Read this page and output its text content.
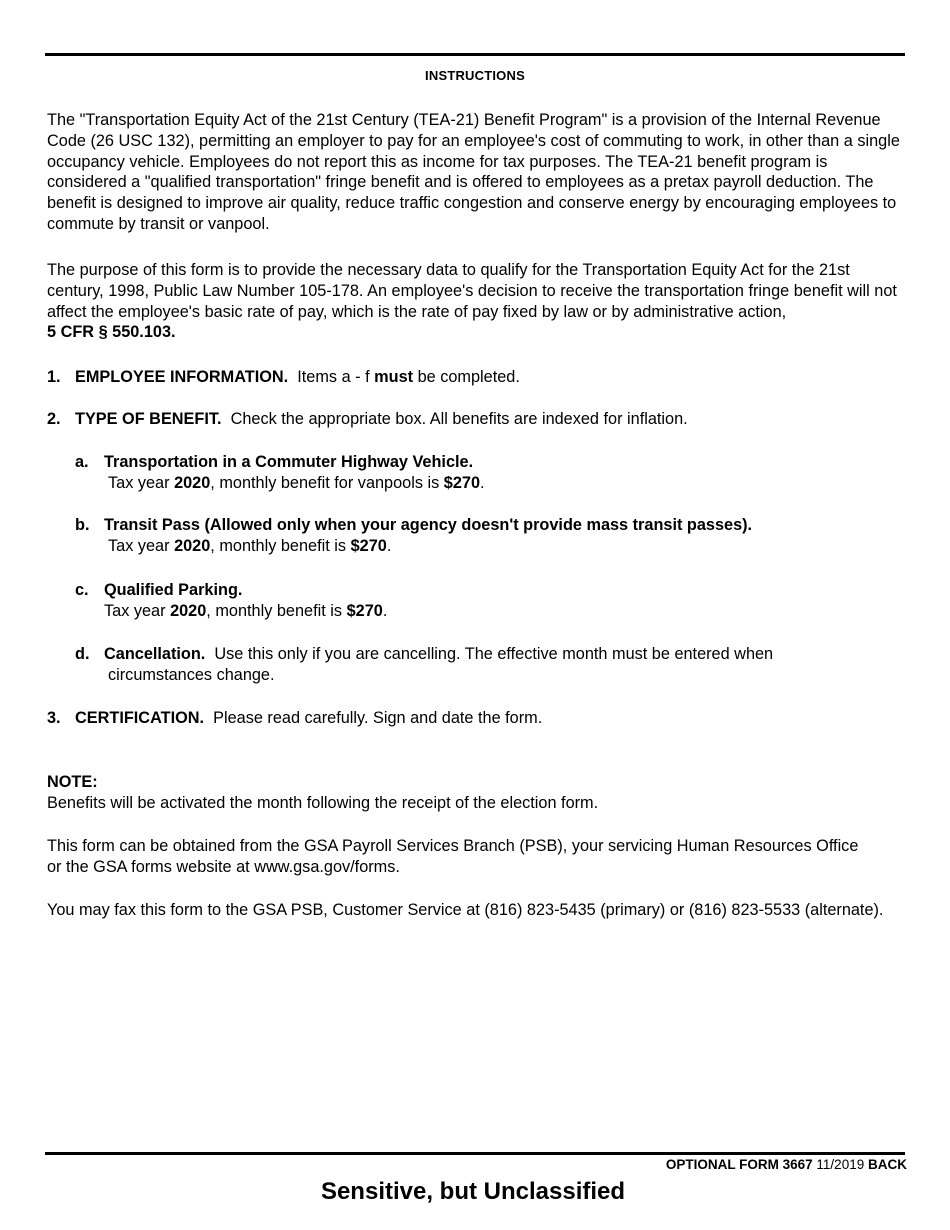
INSTRUCTIONS
The "Transportation Equity Act of the 21st Century (TEA-21) Benefit Program" is a provision of the Internal Revenue Code (26 USC 132), permitting an employer to pay for an employee's cost of commuting to work, in other than a single occupancy vehicle. Employees do not report this as income for tax purposes. The TEA-21 benefit program is considered a "qualified transportation" fringe benefit and is offered to employees as a pretax payroll deduction. The benefit is designed to improve air quality, reduce traffic congestion and conserve energy by encouraging employees to commute by transit or vanpool.
The purpose of this form is to provide the necessary data to qualify for the Transportation Equity Act for the 21st century, 1998, Public Law Number 105-178. An employee's decision to receive the transportation fringe benefit will not affect the employee's basic rate of pay, which is the rate of pay fixed by law or by administrative action,
5 CFR § 550.103.
1. EMPLOYEE INFORMATION. Items a - f must be completed.
2. TYPE OF BENEFIT. Check the appropriate box. All benefits are indexed for inflation.
a. Transportation in a Commuter Highway Vehicle.
Tax year 2020, monthly benefit for vanpools is $270.
b. Transit Pass (Allowed only when your agency doesn't provide mass transit passes).
Tax year 2020, monthly benefit is $270.
c. Qualified Parking.
Tax year 2020, monthly benefit is $270.
d. Cancellation. Use this only if you are cancelling. The effective month must be entered when
circumstances change.
3. CERTIFICATION. Please read carefully. Sign and date the form.
NOTE:
Benefits will be activated the month following the receipt of the election form.
This form can be obtained from the GSA Payroll Services Branch (PSB), your servicing Human Resources Office or the GSA forms website at www.gsa.gov/forms.
You may fax this form to the GSA PSB, Customer Service at (816) 823-5435 (primary) or (816) 823-5533 (alternate).
OPTIONAL FORM 3667 11/2019 BACK
Sensitive, but Unclassified
